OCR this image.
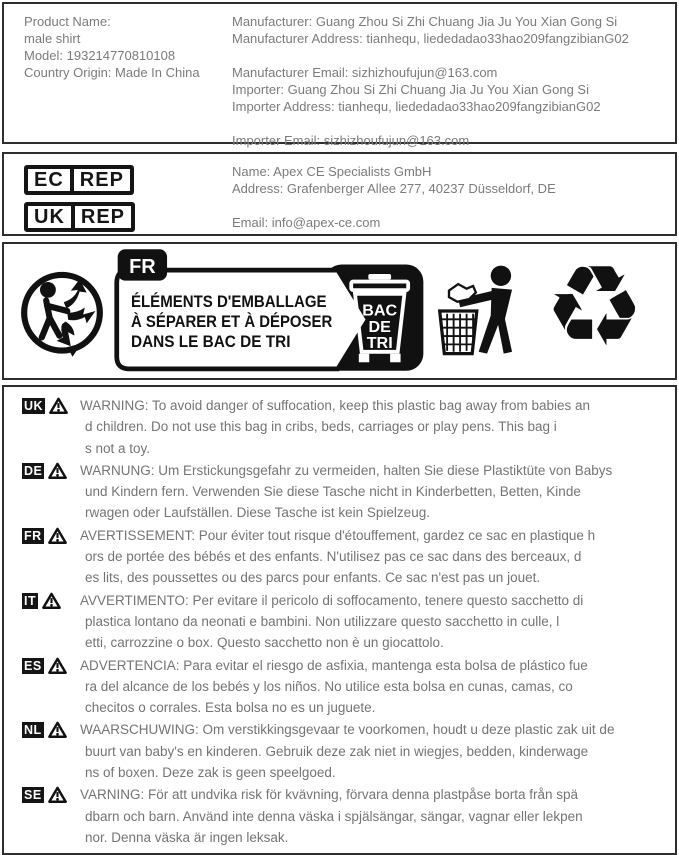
Product Name:
male shirt
Model: 193214770810108
Country Origin: Made In China
Manufacturer: Guang Zhou Si Zhi Chuang Jia Ju You Xian Gong Si
Manufacturer Address: tianhequ, liededadao33hao209fangzibianG02
Manufacturer Email: sizhizhoufujun@163.com
Importer: Guang Zhou Si Zhi Chuang Jia Ju You Xian Gong Si
Importer Address: tianhequ, liededadao33hao209fangzibianG02
Importer Email: sizhizhoufujun@163.com
EC REP

UK REP
Name: Apex CE Specialists GmbH
Address: Grafenberger Allee 277, 40237 Düsseldorf, DE
Email: info@apex-ce.com
FR
ÉLÉMENTS D'EMBALLAGE
À SÉPARER ET À DÉPOSER
DANS LE BAC DE TRI
BAC
DE
TRI ♻
UK	WARNING: To avoid danger of suffocation, keep this plastic bag away from babies an
d children. Do not use this bag in cribs, beds, carriages or play pens. This bag i
s not a toy.
DE	WARNUNG: Um Erstickungsgefahr zu vermeiden, halten Sie diese Plastiktüte von Babys
und Kindern fern. Verwenden Sie diese Tasche nicht in Kinderbetten, Betten, Kinde
rwagen oder Laufställen. Diese Tasche ist kein Spielzeug.
FR	AVERTISSEMENT: Pour éviter tout risque d'étouffement, gardez ce sac en plastique h
ors de portée des bébés et des enfants. N'utilisez pas ce sac dans des berceaux, d
es lits, des poussettes ou des parcs pour enfants. Ce sac n'est pas un jouet.
IT	AVVERTIMENTO: Per evitare il pericolo di soffocamento, tenere questo sacchetto di
plastica lontano da neonati e bambini. Non utilizzare questo sacchetto in culle, l
etti, carrozzine o box. Questo sacchetto non è un giocattolo.
ES	ADVERTENCIA: Para evitar el riesgo de asfixia, mantenga esta bolsa de plástico fue
ra del alcance de los bebés y los niños. No utilice esta bolsa en cunas, camas, co
checitos o corrales. Esta bolsa no es un juguete.
NL	WAARSCHUWING: Om verstikkingsgevaar te voorkomen, houdt u deze plastic zak uit de
buurt van baby's en kinderen. Gebruik deze zak niet in wiegjes, bedden, kinderwage
ns of boxen. Deze zak is geen speelgoed.
SE	VARNING: För att undvika risk för kvävning, förvara denna plastpåse borta från spä
dbarn och barn. Använd inte denna väska i spjälsängar, sängar, vagnar eller lekpen
nor. Denna väska är ingen leksak.
